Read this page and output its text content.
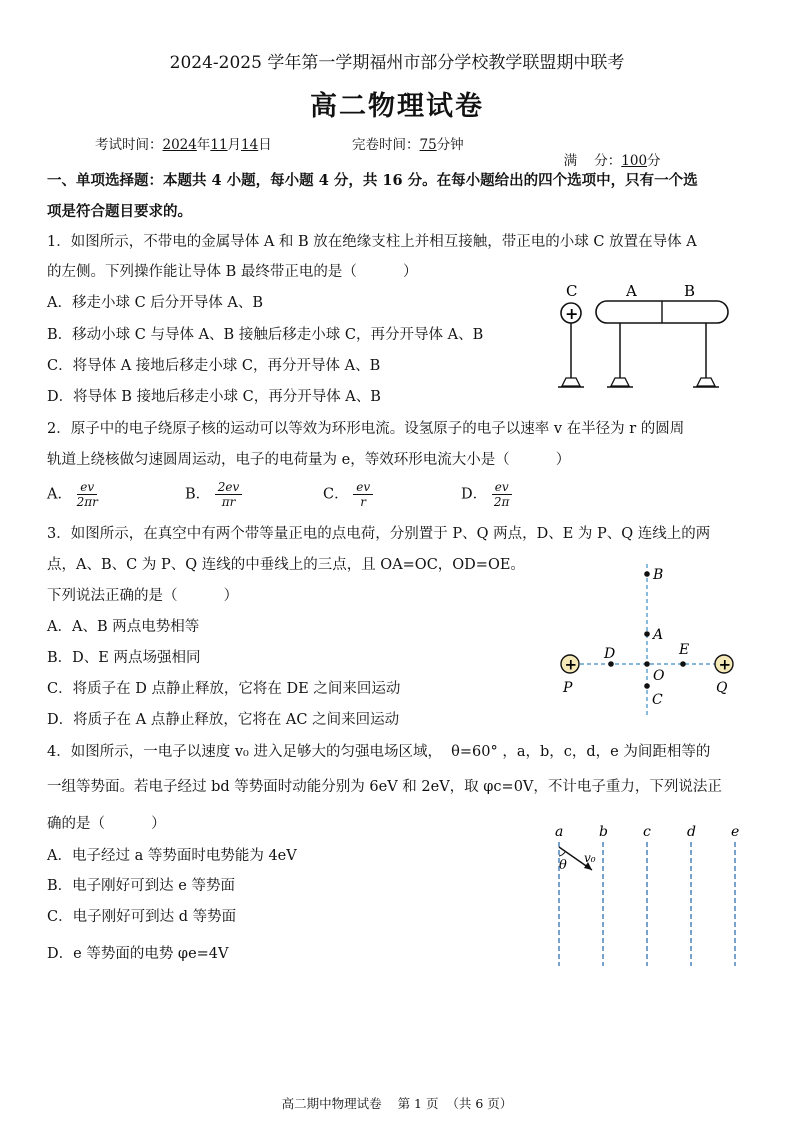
2024-2025 学年第一学期福州市部分学校教学联盟期中联考
高二物理试卷
考试时间：2024年11月14日	完卷时间：75分钟

满    分：100分

一、单项选择题：本题共 4 小题，每小题 4 分，共 16 分。在每小题给出的四个选项中，只有一个选
项是符合题目要求的。
1．如图所示，不带电的金属导体 A 和 B 放在绝缘支柱上并相互接触，带正电的小球 C 放置在导体 A
的左侧。下列操作能让导体 B 最终带正电的是（          ）
A．移走小球 C 后分开导体 A、B
B．移动小球 C 与导体 A、B 接触后移走小球 C，再分开导体 A、B
C．将导体 A 接地后移走小球 C，再分开导体 A、B
D．将导体 B 接地后移走小球 C，再分开导体 A、B
C	A	B
+
2．原子中的电子绕原子核的运动可以等效为环形电流。设氢原子的电子以速率 v 在半径为 r 的圆周
轨道上绕核做匀速圆周运动，电子的电荷量为 e，等效环形电流大小是（          ）
A． $\frac{ev}{2\pi r}$	B． $\frac{2ev}{\pi r}$	C． $\frac{ev}{r}$	D． $\frac{ev}{2\pi}$
3．如图所示，在真空中有两个带等量正电的点电荷，分别置于 P、Q 两点，D、E 为 P、Q 连线上的两
点，A、B、C 为 P、Q 连线的中垂线上的三点，且 OA=OC，OD=OE。
下列说法正确的是（          ）
A．A、B 两点电势相等
B．D、E 两点场强相同
C．将质子在 D 点静止释放，它将在 DE 之间来回运动
D．将质子在 A 点静止释放，它将在 AC 之间来回运动
B
A
O
C
D	E
+
P
+
Q
4．如图所示，一电子以速度 v₀ 进入足够大的匀强电场区域，  θ=60° ，a，b，c，d，e 为间距相等的
一组等势面。若电子经过 bd 等势面时动能分别为 6eV 和 2eV，取 φc=0V，不计电子重力，下列说法正
确的是（          ）
A．电子经过 a 等势面时电势能为 4eV
B．电子刚好可到达 e 等势面
C．电子刚好可到达 d 等势面
D．e 等势面的电势 φe=4V
a	b	c	d	e
θ v₀
高二期中物理试卷    第 1 页  （共 6 页）
